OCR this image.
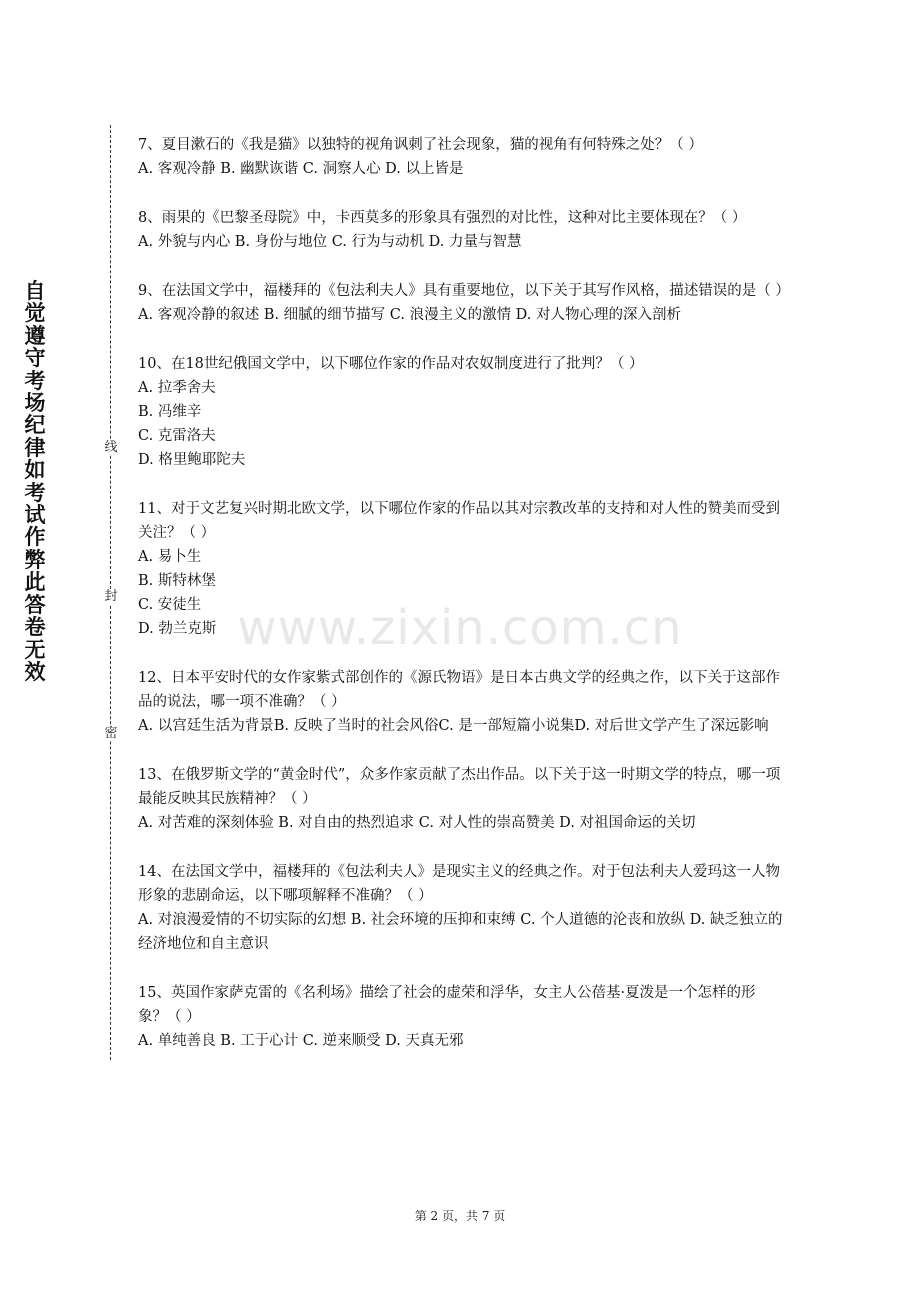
自觉遵守考场纪律如考试作弊此答卷无效
线
封
密
www.zixin.com.cn

7、夏目漱石的《我是猫》以独特的视角讽刺了社会现象，猫的视角有何特殊之处？（ ）

A. 客观冷静 B. 幽默诙谐 C. 洞察人心 D. 以上皆是

8、雨果的《巴黎圣母院》中，卡西莫多的形象具有强烈的对比性，这种对比主要体现在？（ ）

A. 外貌与内心 B. 身份与地位 C. 行为与动机 D. 力量与智慧

9、在法国文学中，福楼拜的《包法利夫人》具有重要地位，以下关于其写作风格，描述错误的是（ ）

A. 客观冷静的叙述 B. 细腻的细节描写 C. 浪漫主义的激情 D. 对人物心理的深入剖析

10、在18世纪俄国文学中，以下哪位作家的作品对农奴制度进行了批判？（ ）

A. 拉季舍夫

B. 冯维辛

C. 克雷洛夫

D. 格里鲍耶陀夫

11、对于文艺复兴时期北欧文学，以下哪位作家的作品以其对宗教改革的支持和对人性的赞美而受到关注？（ ）

A. 易卜生

B. 斯特林堡

C. 安徒生

D. 勃兰克斯

12、日本平安时代的女作家紫式部创作的《源氏物语》是日本古典文学的经典之作，以下关于这部作品的说法，哪一项不准确？（ ）

A. 以宫廷生活为背景B. 反映了当时的社会风俗C. 是一部短篇小说集D. 对后世文学产生了深远影响

13、在俄罗斯文学的“黄金时代”，众多作家贡献了杰出作品。以下关于这一时期文学的特点，哪一项最能反映其民族精神？（ ）

A. 对苦难的深刻体验 B. 对自由的热烈追求 C. 对人性的崇高赞美 D. 对祖国命运的关切

14、在法国文学中，福楼拜的《包法利夫人》是现实主义的经典之作。对于包法利夫人爱玛这一人物形象的悲剧命运，以下哪项解释不准确？（ ）

A. 对浪漫爱情的不切实际的幻想 B. 社会环境的压抑和束缚 C. 个人道德的沦丧和放纵 D. 缺乏独立的经济地位和自主意识

15、英国作家萨克雷的《名利场》描绘了社会的虚荣和浮华，女主人公蓓基·夏泼是一个怎样的形象？（ ）

A. 单纯善良 B. 工于心计 C. 逆来顺受 D. 天真无邪

第 2 页，共 7 页
